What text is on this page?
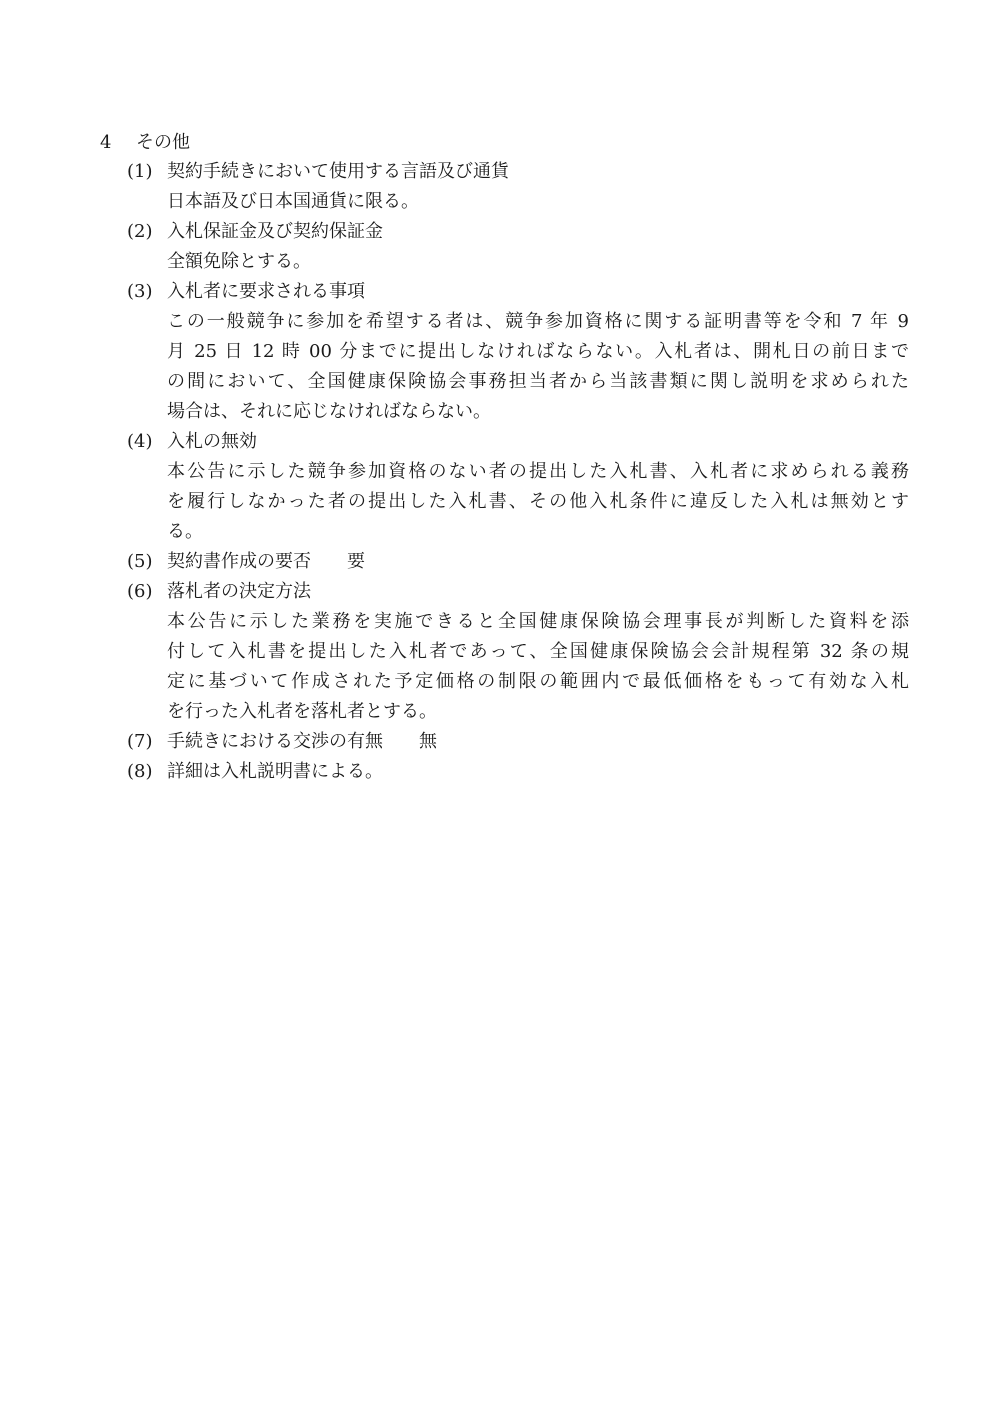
4 その他
(1) 契約手続きにおいて使用する言語及び通貨
日本語及び日本国通貨に限る。
(2) 入札保証金及び契約保証金
全額免除とする。
(3) 入札者に要求される事項
この一般競争に参加を希望する者は、競争参加資格に関する証明書等を令和 7 年 9
月 25 日 12 時 00 分までに提出しなければならない。入札者は、開札日の前日まで
の間において、全国健康保険協会事務担当者から当該書類に関し説明を求められた
場合は、それに応じなければならない。
(4) 入札の無効
本公告に示した競争参加資格のない者の提出した入札書、入札者に求められる義務
を履行しなかった者の提出した入札書、その他入札条件に違反した入札は無効とす
る。
(5) 契約書作成の要否 要
(6) 落札者の決定方法
本公告に示した業務を実施できると全国健康保険協会理事長が判断した資料を添
付して入札書を提出した入札者であって、全国健康保険協会会計規程第 32 条の規
定に基づいて作成された予定価格の制限の範囲内で最低価格をもって有効な入札
を行った入札者を落札者とする。
(7) 手続きにおける交渉の有無 無
(8) 詳細は入札説明書による。
